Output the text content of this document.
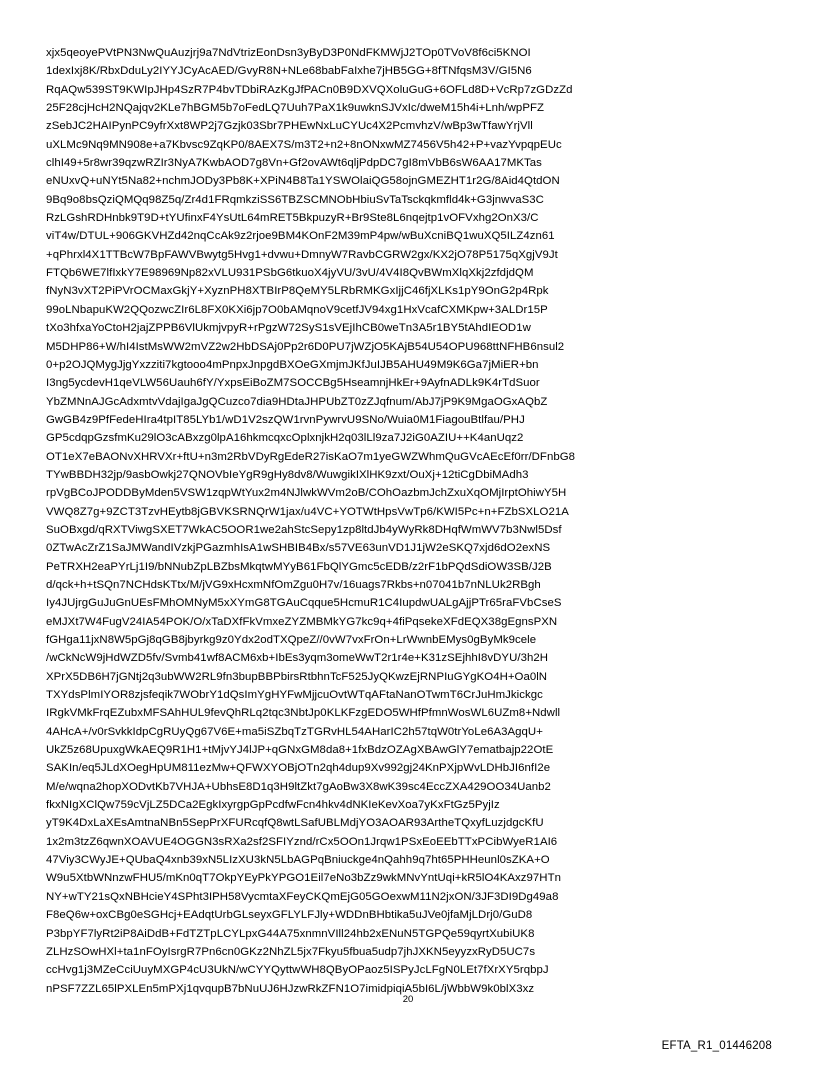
xjx5qeoyePVtPN3NwQuAuzjrj9a7NdVtrizEonDsn3yByD3P0NdFKMWjJ2TOp0TVoV8f6ci5KNOI
1dexIxj8K/RbxDduLy2IYYJCyAcAED/GvyR8N+NLe68babFaIxhe7jHB5GG+8fTNfqsM3V/GI5N6
RqAQw539ST9KWIpJHp4SzR7P4bvTDbiRAzKgJfPACn0B9DXVQXoluGuG+6OFLd8D+VcRp7zGDzZd
25F28cjHcH2NQajqv2KLe7hBGM5b7oFedLQ7Uuh7PaX1k9uwknSJVxIc/dweM15h4i+Lnh/wpPFZ
zSebJC2HAIPynPC9yfrXxt8WP2j7Gzjk03Sbr7PHEwNxLuCYUc4X2PcmvhzV/wBp3wTfawYrjVll
uXLMc9Nq9MN908e+a7Kbvsc9ZqKP0/8AEX7S/m3T2+n2+8nONxwMZ7456V5h42+P+vazYvpqpEUc
clhI49+5r8wr39qzwRZIr3NyA7KwbAOD7g8Vn+Gf2ovAWt6qljPdpDC7gI8mVbB6sW6AA17MKTas
eNUxvQ+uNYt5Na82+nchmJODy3Pb8K+XPiN4B8Ta1YSWOlaiQG58ojnGMEZHT1r2G/8Aid4QtdON
9Bq9o8bsQziQMQq98Z5q/Zr4d1FRqmkziSS6TBZSCMNObHbiuSvTaTsckqkmfld4k+G3jnwvaS3C
RzLGshRDHnbk9T9D+tYUfinxF4YsUtL64mRET5BkpuzyR+Br9Ste8L6nqejtp1vOFVxhg2OnX3/C
viT4w/DTUL+906GKVHZd42nqCcAk9z2rjoe9BM4KOnF2M39mP4pw/wBuXcniBQ1wuXQ5ILZ4zn61
+qPhrxl4X1TTBcW7BpFAWVBwytg5Hvg1+dvwu+DmnyW7RavbCGRW2gx/KX2jO78P5175qXgjV9Jt
FTQb6WE7lfIxkY7E98969Np82xVLU931PSbG6tkuoX4jyVU/3vU/4V4I8QvBWmXlqXkj2zfdjdQM
fNyN3vXT2PiPVrOCMaxGkjY+XyznPH8XTBIrP8QeMY5LRbRMKGxIjjC46fjXLKs1pY9OnG2p4Rpk
99oLNbapuKW2QQozwcZIr6L8FX0KXi6jp7O0bAMqnoV9cetfJV94xg1HxVcafCXMKpw+3ALDr15P
tXo3hfxaYoCtoH2jajZPPB6VlUkmjvpyR+rPgzW72SyS1sVEjIhCB0weTn3A5r1BY5tAhdIEOD1w
M5DHP86+W/hI4IstMsWW2mVZ2w2HbDSAj0Pp2r6D0PU7jWZjO5KAjB54U54OPU968ttNFHB6nsul2
0+p2OJQMygJjgYxzziti7kgtooo4mPnpxJnpgdBXOeGXmjmJKfJuIJB5AHU49M9K6Ga7jMiER+bn
I3ng5ycdevH1qeVLW56Uauh6fY/YxpsEiBoZM7SOCCBg5HseamnjHkEr+9AyfnADLk9K4rTdSuor
YbZMNnAJGcAdxmtvVdajIgaJgQCuzco7dia9HDtaJHPUbZT0zZJqfnum/AbJ7jP9K9MgaOGxAQbZ
GwGB4z9PfFedeHIra4tpIT85LYb1/wD1V2szQW1rvnPywrvU9SNo/Wuia0M1FiagouBtlfau/PHJ
GP5cdqpGzsfmKu29lO3cABxzg0lpA16hkmcqxcOplxnjkH2q03lLl9za7J2iG0AZIU++K4anUqz2
OT1eX7eBAONvXHRVXr+ftU+n3m2RbVDyRgEdeR27isKaO7m1yeGWZWhmQuGVcAEcEf0rr/DFnbG8
TYwBBDH32jp/9asbOwkj27QNOVbIeYgR9gHy8dv8/WuwgikIXlHK9zxt/OuXj+12tiCgDbiMAdh3
rpVgBCoJPODDByMden5VSW1zqpWtYux2m4NJlwkWVm2oB/COhOazbmJchZxuXqOMjIrptOhiwY5H
VWQ8Z7g+9ZCT3TzvHEytb8jGBVKSRNQrW1jax/u4VC+YOTWtHpsVwTp6/KWI5Pc+n+FZbSXLO21A
SuOBxgd/qRXTViwgSXET7WkAC5OOR1we2ahStcSepy1zp8ltdJb4yWyRk8DHqfWmWV7b3Nwl5Dsf
0ZTwAcZrZ1SaJMWandIVzkjPGazmhIsA1wSHBIB4Bx/s57VE63unVD1J1jW2eSKQ7xjd6dO2exNS
PeTRXH2eaPYrLj1I9/bNNubZpLBZbsMkqtwMYyB61FbQlYGmc5cEDB/z2rF1bPQdSdiOW3SB/J2B
d/qck+h+tSQn7NCHdsKTtx/M/jVG9xHcxmNfOmZgu0H7v/16uags7Rkbs+n07041b7nNLUk2RBgh
Iy4JUjrgGuJuGnUEsFMhOMNyM5xXYmG8TGAuCqque5HcmuR1C4IupdwUALgAjjPTr65raFVbCseS
eMJXt7W4FugV24IA54POK/O/xTaDXfFkVmxeZYZMBMkYG7kc9q+4fiPqsekeXFdEQX38gEgnsPXN
fGHga11jxN8W5pGj8qGB8jbyrkg9z0Ydx2odTXQpeZ//0vW7vxFrOn+LrWwnbEMys0gByMk9cele
/wCkNcW9jHdWZD5fv/Svmb41wf8ACM6xb+IbEs3yqm3omeWwT2r1r4e+K31zSEjhhI8vDYU/3h2H
XPrX5DB6H7jGNtj2q3ubWW2RL9fn3bupBBPbirsRtbhnTcF525JyQKwzEjRNPIuGYgKO4H+Oa0lN
TXYdsPlmIYOR8zjsfeqik7WObrY1dQsImYgHYFwMjjcuOvtWTqAFtaNanOTwmT6CrJuHmJkickgc
IRgkVMkFrqEZubxMFSAhHUL9fevQhRLq2tqc3NbtJp0KLKFzgEDO5WHfPfmnWosWL6UZm8+Ndwll
4AHcA+/v0rSvkkIdpCgRUyQg67V6E+ma5iSZbqTzTGRvHL54AHarIC2h57tqW0trYoLe6A3AgqU+
UkZ5z68UpuxgWkAEQ9R1H1+tMjvYJ4lJP+qGNxGM8da8+1fxBdzOZAgXBAwGlY7ematbajp22OtE
SAKIn/eq5JLdXOegHpUM811ezMw+QFWXYOBjOTn2qh4dup9Xv992gj24KnPXjpWvLDHbJI6nfI2e
M/e/wqna2hopXODvtKb7VHJA+UbhsE8D1q3H9ltZkt7gAoBw3X8wK39sc4EccZXA429OO34Uanb2
fkxNIgXClQw759cVjLZ5DCa2EgkIxyrgpGpPcdfwFcn4hkv4dNKIeKevXoa7yKxFtGz5PyjIz
yT9K4DxLaXEsAmtnaNBn5SepPrXFURcqfQ8wtLSafUBLMdjYO3AOAR93ArtheTQxyfLuzjdgcKfU
1x2m3tzZ6qwnXOAVUE4OGGN3sRXa2sf2SFIYznd/rCx5OOn1Jrqw1PSxEoEEbTTxPCibWyeR1AI6
47Viy3CWyJE+QUbaQ4xnb39xN5LIzXU3kN5LbAGPqBniuckge4nQahh9q7ht65PHHeunl0sZKA+O
W9u5XtbWNnzwFHU5/mKn0qT7OkpYEyPkYPGO1Eil7eNo3bZz9wkMNvYntUqi+kR5lO4KAxz97HTn
NY+wTY21sQxNBHcieY4SPht3IPH58VycmtaXFeyCKQmEjG05GOexwM11N2jxON/3JF3DI9Dg49a8
F8eQ6w+oxCBg0eSGHcj+EAdqtUrbGLseyxGFLYLFJly+WDDnBHbtika5uJVe0jfaMjLDrj0/GuD8
P3bpYF7lyRt2iP8AiDdB+FdTZTpLCYLpxG44A75xnmnVIll24hb2xENuN5TGPQe59qyrtXubiUK8
ZLHzSOwHXl+ta1nFOyIsrgR7Pn6cn0GKz2NhZL5jx7Fkyu5fbua5udp7jhJXKN5eyyzxRyD5UC7s
ccHvg1j3MZeCciUuyMXGP4cU3UkN/wCYYQyttwWH8QByOPaoz5ISPyJcLFgN0LEt7fXrXY5rqbpJ
nPSF7ZZL65lPXLEn5mPXj1qvqupB7bNuUJ6HJzwRkZFN1O7imidpiqiA5bI6L/jWbbW9k0blX3xz
20
EFTA_R1_01446208
